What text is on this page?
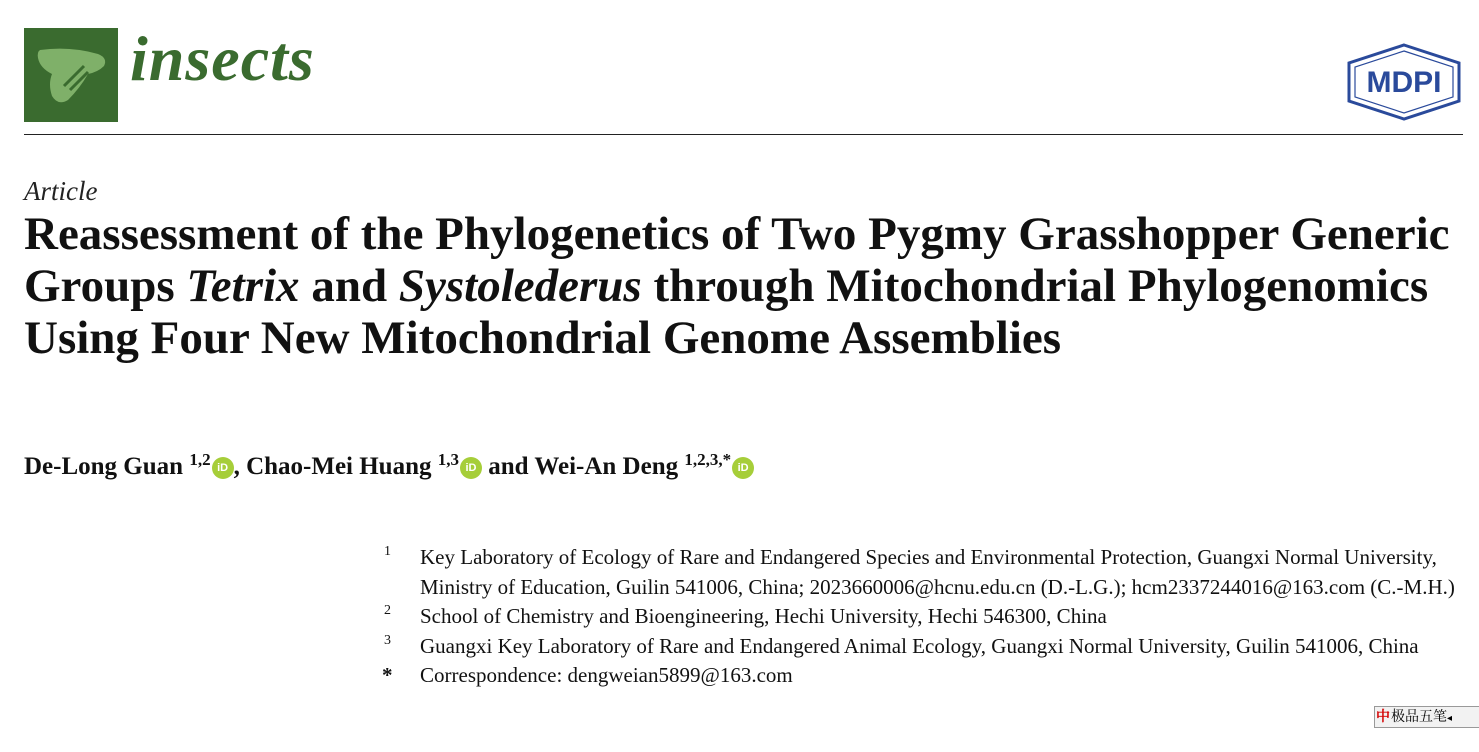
insects	MDPI
Article
Reassessment of the Phylogenetics of Two Pygmy Grasshopper Generic Groups Tetrix and Systolederus through Mitochondrial Phylogenomics Using Four New Mitochondrial Genome Assemblies
De-Long Guan $^{1,2}$ iD , Chao-Mei Huang $^{1,3}$ iD and Wei-An Deng $^{1,2,3,*}$ iD
1 Key Laboratory of Ecology of Rare and Endangered Species and Environmental Protection, Guangxi Normal University, Ministry of Education, Guilin 541006, China; 2023660006@hcnu.edu.cn (D.-L.G.); hcm2337244016@163.com (C.-M.H.)
2 School of Chemistry and Bioengineering, Hechi University, Hechi 546300, China
3 Guangxi Key Laboratory of Rare and Endangered Animal Ecology, Guangxi Normal University, Guilin 541006, China
* Correspondence: dengweian5899@163.com
中极品五笔◂
